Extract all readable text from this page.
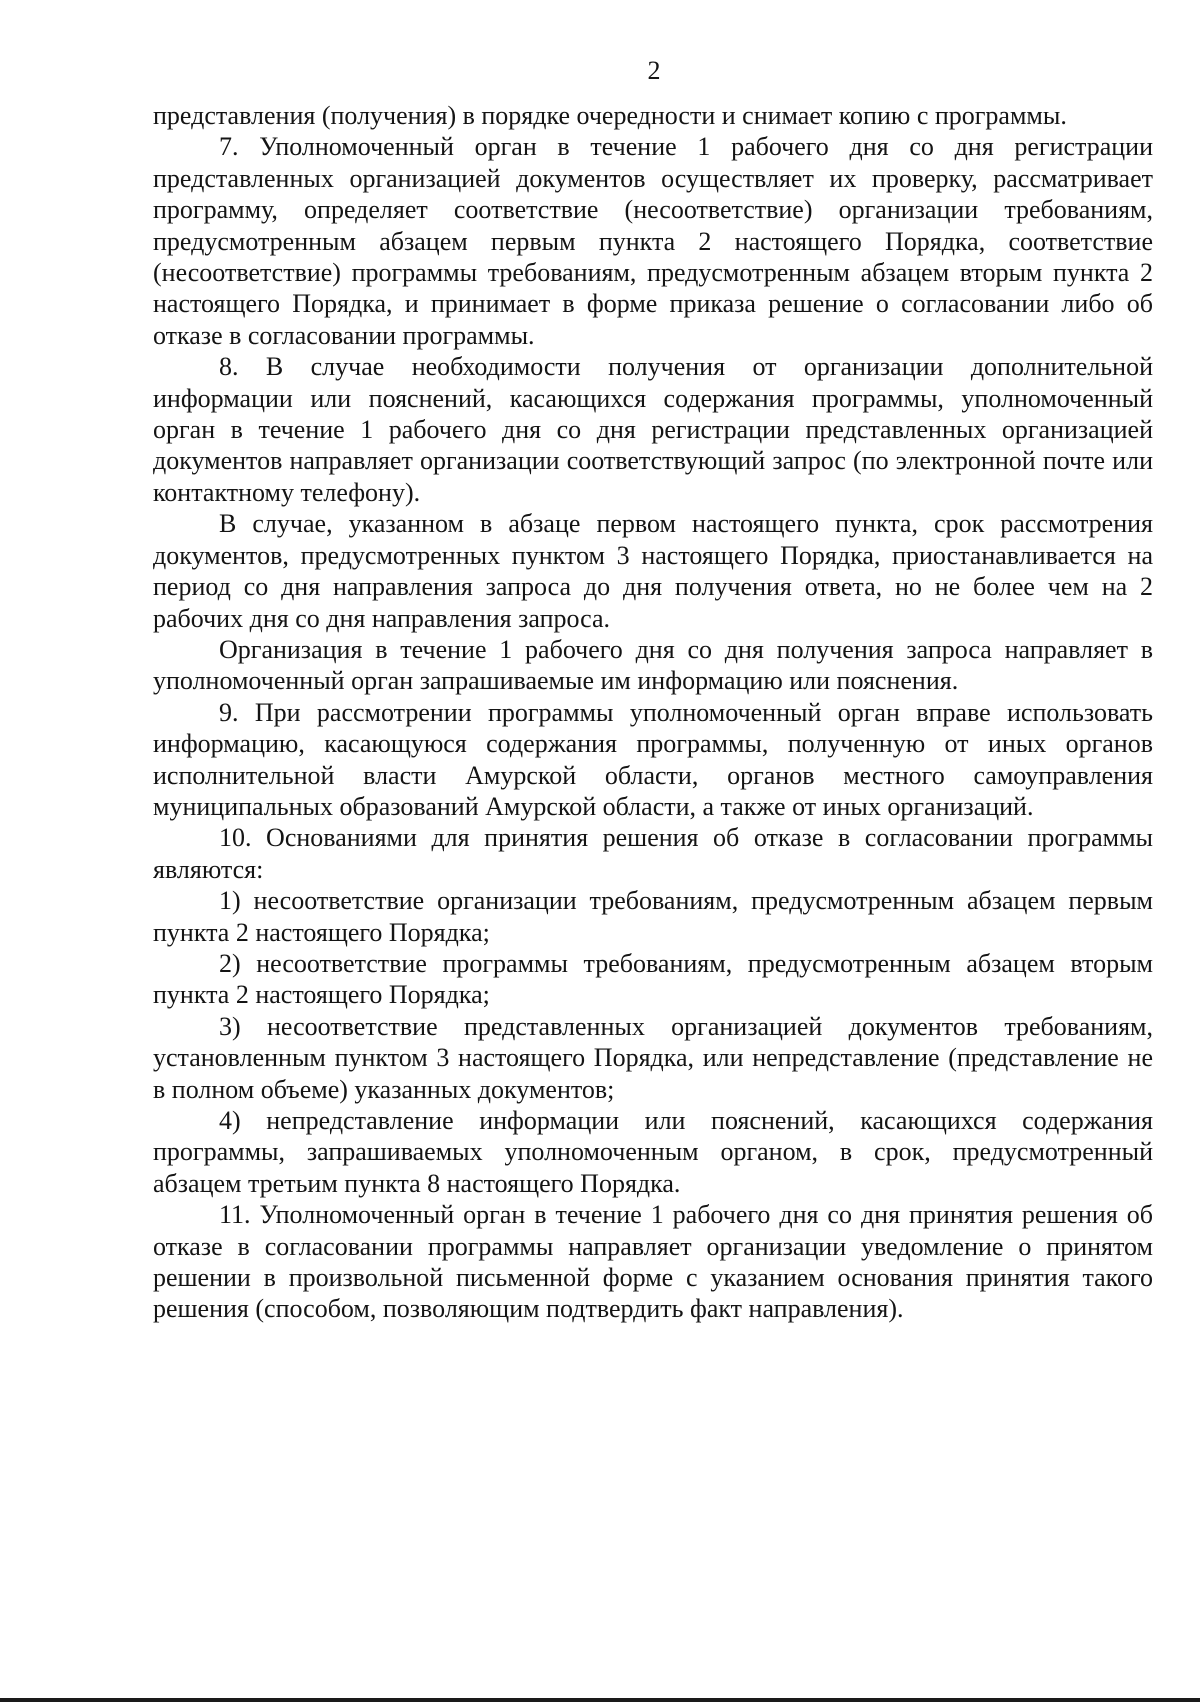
2

представления (получения) в порядке очередности и снимает копию с программы.

7. Уполномоченный орган в течение 1 рабочего дня со дня регистрации представленных организацией документов осуществляет их проверку, рассматривает программу, определяет соответствие (несоответствие) организации требованиям, предусмотренным абзацем первым пункта 2 настоящего Порядка, соответствие (несоответствие) программы требованиям, предусмотренным абзацем вторым пункта 2 настоящего Порядка, и принимает в форме приказа решение о согласовании либо об отказе в согласовании программы.

8. В случае необходимости получения от организации дополнительной информации или пояснений, касающихся содержания программы, уполномоченный орган в течение 1 рабочего дня со дня регистрации представленных организацией документов направляет организации соответствующий запрос (по электронной почте или контактному телефону).

В случае, указанном в абзаце первом настоящего пункта, срок рассмотрения документов, предусмотренных пунктом 3 настоящего Порядка, приостанавливается на период со дня направления запроса до дня получения ответа, но не более чем на 2 рабочих дня со дня направления запроса.

Организация в течение 1 рабочего дня со дня получения запроса направляет в уполномоченный орган запрашиваемые им информацию или пояснения.

9. При рассмотрении программы уполномоченный орган вправе использовать информацию, касающуюся содержания программы, полученную от иных органов исполнительной власти Амурской области, органов местного самоуправления муниципальных образований Амурской области, а также от иных организаций.

10. Основаниями для принятия решения об отказе в согласовании программы являются:

1) несоответствие организации требованиям, предусмотренным абзацем первым пункта 2 настоящего Порядка;

2) несоответствие программы требованиям, предусмотренным абзацем вторым пункта 2 настоящего Порядка;

3) несоответствие представленных организацией документов требованиям, установленным пунктом 3 настоящего Порядка, или непредставление (представление не в полном объеме) указанных документов;

4) непредставление информации или пояснений, касающихся содержания программы, запрашиваемых уполномоченным органом, в срок, предусмотренный абзацем третьим пункта 8 настоящего Порядка.

11. Уполномоченный орган в течение 1 рабочего дня со дня принятия решения об отказе в согласовании программы направляет организации уведомление о принятом решении в произвольной письменной форме с указанием основания принятия такого решения (способом, позволяющим подтвердить факт направления).
